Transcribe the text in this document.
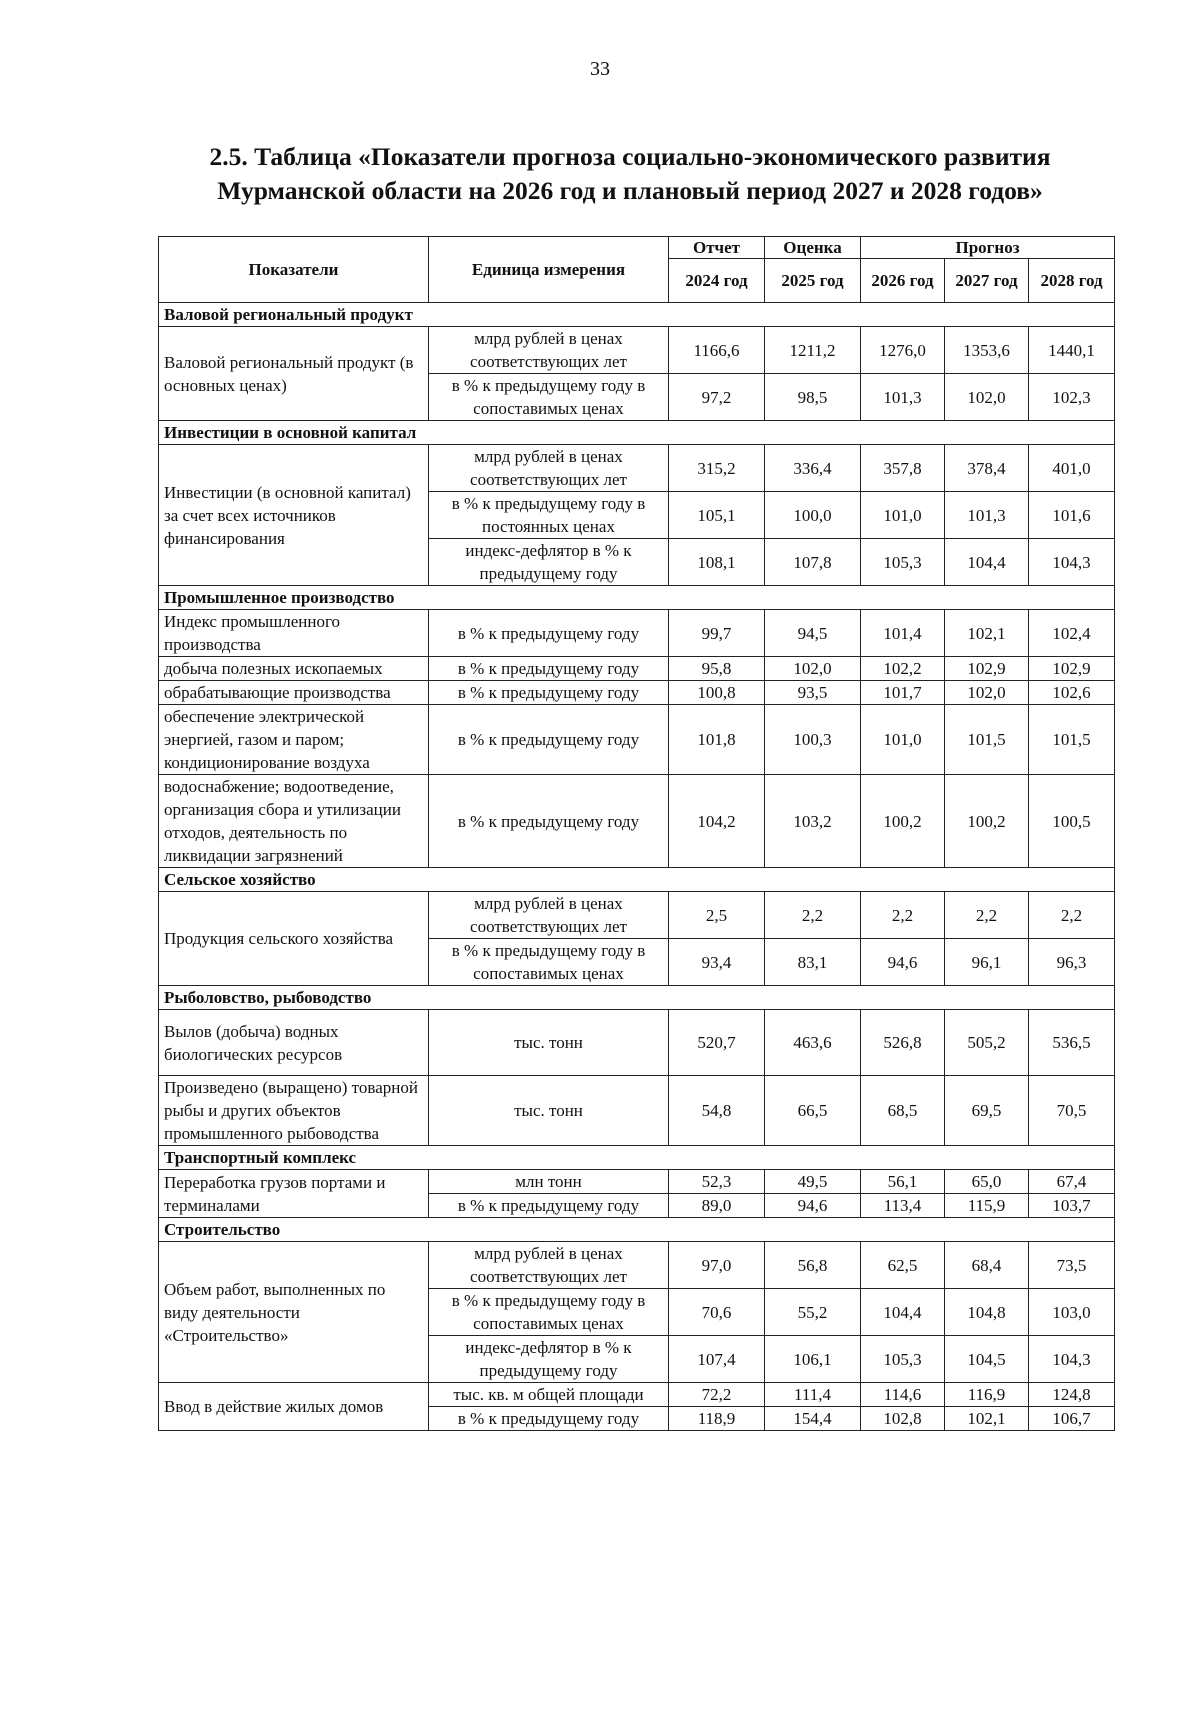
33
2.5. Таблица «Показатели прогноза социально-экономического развития
Мурманской области на 2026 год и плановый период 2027 и 2028 годов»
Показатели	Единица измерения	Отчет	Оценка	Прогноз		
		2024 год	2025 год	2026 год	2027 год	2028 год
Валовой региональный продукт						
Валовой региональный продукт (в основных ценах)	млрд рублей в ценах соответствующих лет	1166,6	1211,2	1276,0	1353,6	1440,1
	в % к предыдущему году в сопоставимых ценах	97,2	98,5	101,3	102,0	102,3
Инвестиции в основной капитал						
Инвестиции (в основной капитал) за счет всех источников финансирования	млрд рублей в ценах соответствующих лет	315,2	336,4	357,8	378,4	401,0
	в % к предыдущему году в постоянных ценах	105,1	100,0	101,0	101,3	101,6
	индекс-дефлятор в % к предыдущему году	108,1	107,8	105,3	104,4	104,3
Промышленное производство						
Индекс промышленного производства	в % к предыдущему году	99,7	94,5	101,4	102,1	102,4
добыча полезных ископаемых	в % к предыдущему году	95,8	102,0	102,2	102,9	102,9
обрабатывающие производства	в % к предыдущему году	100,8	93,5	101,7	102,0	102,6
обеспечение электрической энергией, газом и паром; кондиционирование воздуха	в % к предыдущему году	101,8	100,3	101,0	101,5	101,5
водоснабжение; водоотведение, организация сбора и утилизации отходов, деятельность по ликвидации загрязнений	в % к предыдущему году	104,2	103,2	100,2	100,2	100,5
Сельское хозяйство						
Продукция сельского хозяйства	млрд рублей в ценах соответствующих лет	2,5	2,2	2,2	2,2	2,2
	в % к предыдущему году в сопоставимых ценах	93,4	83,1	94,6	96,1	96,3
Рыболовство, рыбоводство						
Вылов (добыча) водных биологических ресурсов	тыс. тонн	520,7	463,6	526,8	505,2	536,5
Произведено (выращено) товарной рыбы и других объектов промышленного рыбоводства	тыс. тонн	54,8	66,5	68,5	69,5	70,5
Транспортный комплекс						
Переработка грузов портами и терминалами	млн тонн	52,3	49,5	56,1	65,0	67,4
	в % к предыдущему году	89,0	94,6	113,4	115,9	103,7
Строительство						
Объем работ, выполненных по виду деятельности «Строительство»	млрд рублей в ценах соответствующих лет	97,0	56,8	62,5	68,4	73,5
	в % к предыдущему году в сопоставимых ценах	70,6	55,2	104,4	104,8	103,0
	индекс-дефлятор в % к предыдущему году	107,4	106,1	105,3	104,5	104,3
Ввод в действие жилых домов	тыс. кв. м общей площади	72,2	111,4	114,6	116,9	124,8
	в % к предыдущему году	118,9	154,4	102,8	102,1	106,7
